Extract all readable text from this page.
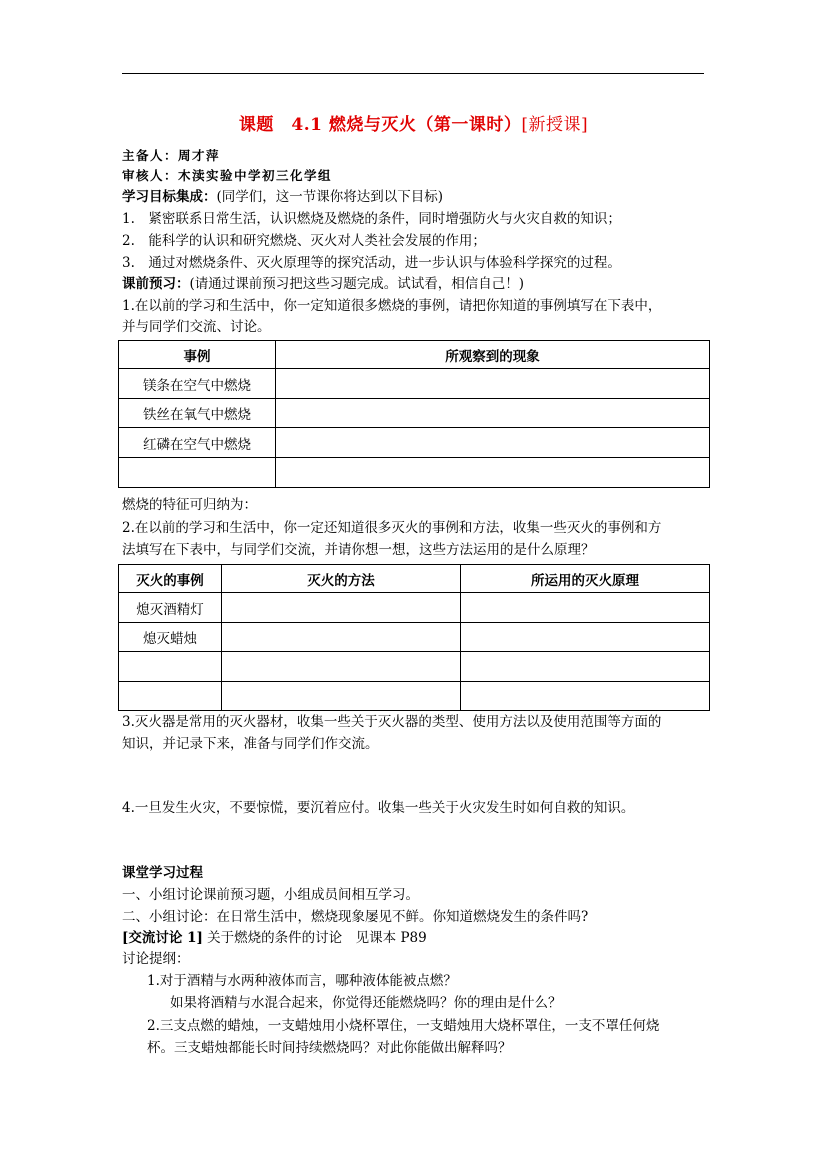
课题　4.1 燃烧与灭火（第一课时）[新授课]
主备人：周才萍
审核人：木渎实验中学初三化学组
学习目标集成：(同学们，这一节课你将达到以下目标)
1.　紧密联系日常生活，认识燃烧及燃烧的条件，同时增强防火与火灾自救的知识；
2.　能科学的认识和研究燃烧、灭火对人类社会发展的作用；
3.　通过对燃烧条件、灭火原理等的探究活动，进一步认识与体验科学探究的过程。
课前预习：(请通过课前预习把这些习题完成。试试看，相信自己！)
1.在以前的学习和生活中，你一定知道很多燃烧的事例，请把你知道的事例填写在下表中，
并与同学们交流、讨论。
事例	所观察到的现象
镁条在空气中燃烧	
铁丝在氧气中燃烧	
红磷在空气中燃烧	

燃烧的特征可归纳为：
2.在以前的学习和生活中，你一定还知道很多灭火的事例和方法，收集一些灭火的事例和方
法填写在下表中，与同学们交流，并请你想一想，这些方法运用的是什么原理？
灭火的事例	灭火的方法	所运用的灭火原理
熄灭酒精灯		
熄灭蜡烛		

3.灭火器是常用的灭火器材，收集一些关于灭火器的类型、使用方法以及使用范围等方面的
知识，并记录下来，准备与同学们作交流。
4.一旦发生火灾，不要惊慌，要沉着应付。收集一些关于火灾发生时如何自救的知识。
课堂学习过程
一、小组讨论课前预习题，小组成员间相互学习。
二、小组讨论：在日常生活中，燃烧现象屡见不鲜。你知道燃烧发生的条件吗?
[交流讨论 1] 关于燃烧的条件的讨论　见课本 P89
讨论提纲：
1.对于酒精与水两种液体而言，哪种液体能被点燃？
如果将酒精与水混合起来，你觉得还能燃烧吗？你的理由是什么？
2.三支点燃的蜡烛，一支蜡烛用小烧杯罩住，一支蜡烛用大烧杯罩住，一支不罩任何烧
杯。三支蜡烛都能长时间持续燃烧吗？对此你能做出解释吗？
